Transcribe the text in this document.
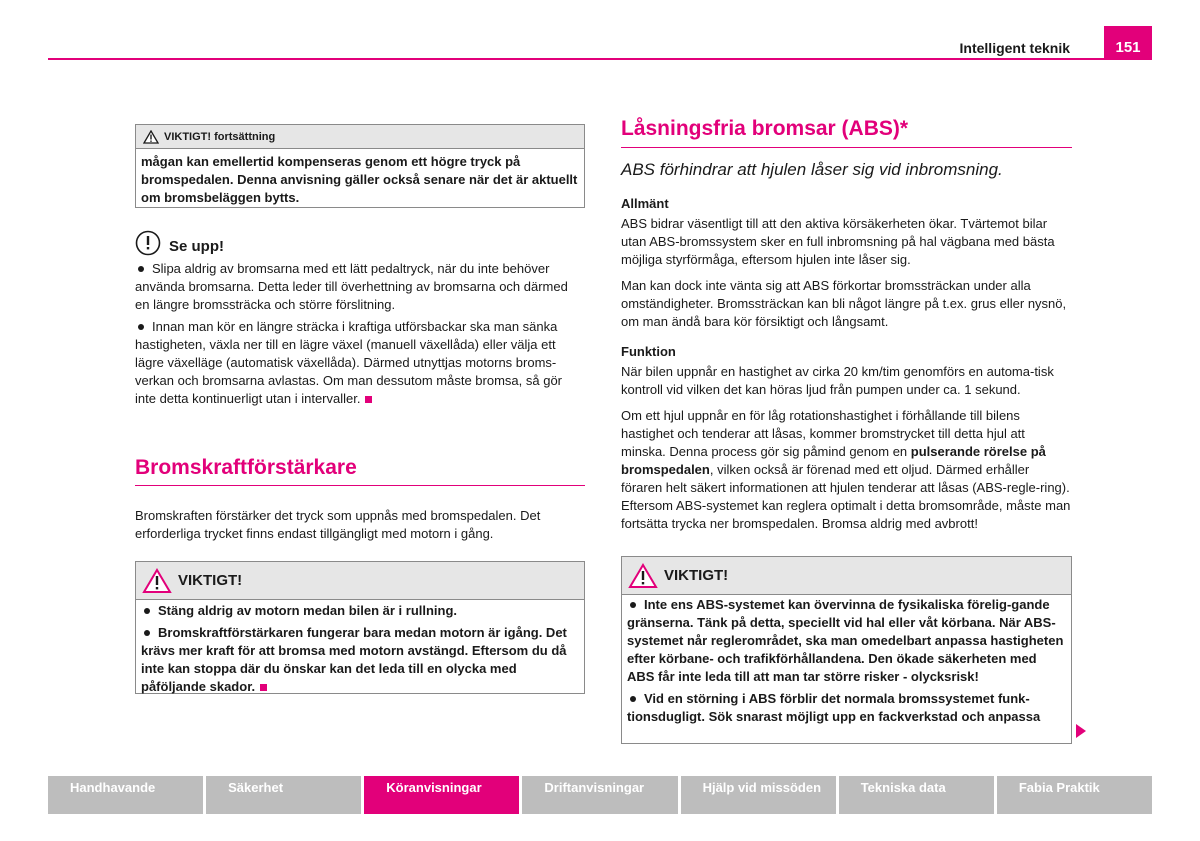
Intelligent teknik	151
VIKTIGT! fortsättning
mågan kan emellertid kompenseras genom ett högre tryck på bromspedalen. Denna anvisning gäller också senare när det är aktuellt om bromsbeläggen bytts.
Se upp!

Slipa aldrig av bromsarna med ett lätt pedaltryck, när du inte behöver använda bromsarna. Detta leder till överhettning av bromsarna och därmed en längre bromssträcka och större förslitning.

Innan man kör en längre sträcka i kraftiga utförsbackar ska man sänka hastigheten, växla ner till en lägre växel (manuell växellåda) eller välja ett lägre växelläge (automatisk växellåda). Därmed utnyttjas motorns broms-verkan och bromsarna avlastas. Om man dessutom måste bromsa, så gör inte detta kontinuerligt utan i intervaller.

Bromskraftförstärkare

Bromskraften förstärker det tryck som uppnås med bromspedalen. Det erforderliga trycket finns endast tillgängligt med motorn i gång.

VIKTIGT!

Stäng aldrig av motorn medan bilen är i rullning.

Bromskraftförstärkaren fungerar bara medan motorn är igång. Det krävs mer kraft för att bromsa med motorn avstängd. Eftersom du då inte kan stoppa där du önskar kan det leda till en olycka med påföljande skador.

Låsningsfria bromsar (ABS)*

ABS förhindrar att hjulen låser sig vid inbromsning.

Allmänt

ABS bidrar väsentligt till att den aktiva körsäkerheten ökar. Tvärtemot bilar utan ABS-bromssystem sker en full inbromsning på hal vägbana med bästa möjliga styrförmåga, eftersom hjulen inte låser sig.

Man kan dock inte vänta sig att ABS förkortar bromssträckan under alla omständigheter. Bromssträckan kan bli något längre på t.ex. grus eller nysnö, om man ändå bara kör försiktigt och långsamt.

Funktion

När bilen uppnår en hastighet av cirka 20 km/tim genomförs en automa-tisk kontroll vid vilken det kan höras ljud från pumpen under ca. 1 sekund.

Om ett hjul uppnår en för låg rotationshastighet i förhållande till bilens hastighet och tenderar att låsas, kommer bromstrycket till detta hjul att minska. Denna process gör sig påmind genom en pulserande rörelse på bromspedalen, vilken också är förenad med ett oljud. Därmed erhåller föraren helt säkert informationen att hjulen tenderar att låsas (ABS-regle-ring). Eftersom ABS-systemet kan reglera optimalt i detta bromsområde, måste man fortsätta trycka ner bromspedalen. Bromsa aldrig med avbrott!

VIKTIGT!

Inte ens ABS-systemet kan övervinna de fysikaliska förelig-gande gränserna. Tänk på detta, speciellt vid hal eller våt körbana. När ABS-systemet når reglerområdet, ska man omedelbart anpassa hastigheten efter körbane- och trafikförhållandena. Den ökade säkerheten med ABS får inte leda till att man tar större risker - olycksrisk!

Vid en störning i ABS förblir det normala bromssystemet funk-tionsdugligt. Sök snarast möjligt upp en fackverkstad och anpassa

Handhavande	Säkerhet	Köranvisningar	Driftanvisningar	Hjälp vid missöden	Tekniska data	Fabia Praktik
